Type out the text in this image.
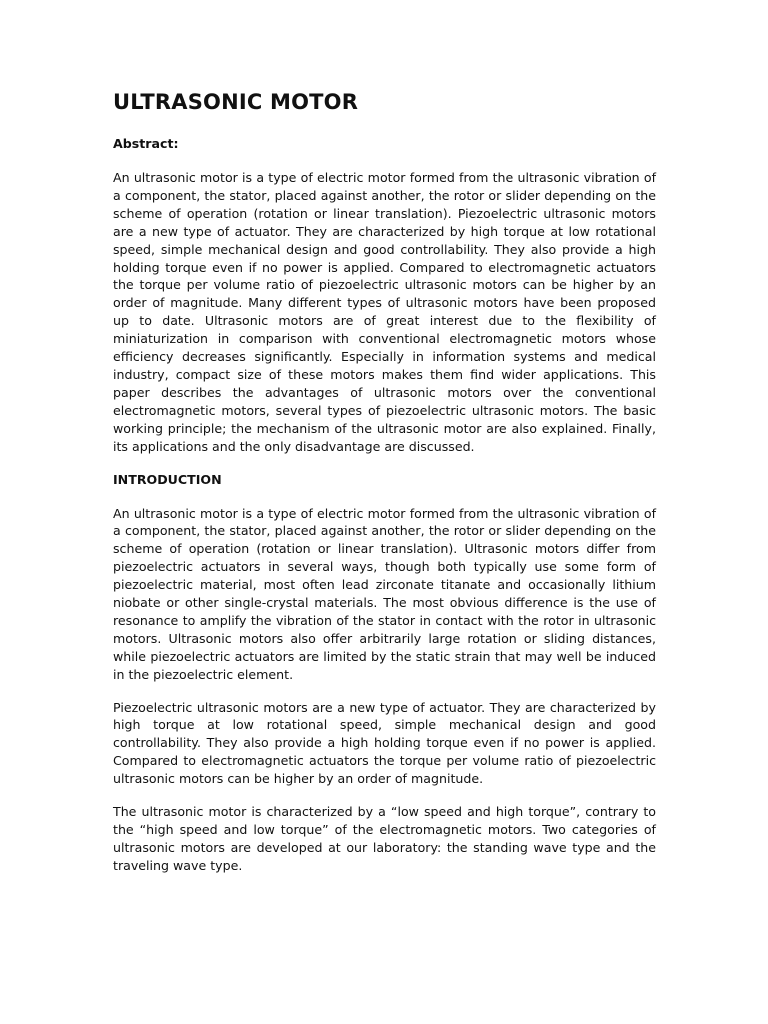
ULTRASONIC MOTOR
Abstract:

An ultrasonic motor is a type of electric motor formed from the ultrasonic vibration of a component, the stator, placed against another, the rotor or slider depending on the scheme of operation (rotation or linear translation). Piezoelectric ultrasonic motors are a new type of actuator. They are characterized by high torque at low rotational speed, simple mechanical design and good controllability. They also provide a high holding torque even if no power is applied. Compared to electromagnetic actuators the torque per volume ratio of piezoelectric ultrasonic motors can be higher by an order of magnitude. Many different types of ultrasonic motors have been proposed up to date. Ultrasonic motors are of great interest due to the flexibility of miniaturization in comparison with conventional electromagnetic motors whose efficiency decreases significantly. Especially in information systems and medical industry, compact size of these motors makes them find wider applications. This paper describes the advantages of ultrasonic motors over the conventional electromagnetic motors, several types of piezoelectric ultrasonic motors. The basic working principle; the mechanism of the ultrasonic motor are also explained. Finally, its applications and the only disadvantage are discussed.

INTRODUCTION

An ultrasonic motor is a type of electric motor formed from the ultrasonic vibration of a component, the stator, placed against another, the rotor or slider depending on the scheme of operation (rotation or linear translation). Ultrasonic motors differ from piezoelectric actuators in several ways, though both typically use some form of piezoelectric material, most often lead zirconate titanate and occasionally lithium niobate or other single-crystal materials. The most obvious difference is the use of resonance to amplify the vibration of the stator in contact with the rotor in ultrasonic motors. Ultrasonic motors also offer arbitrarily large rotation or sliding distances, while piezoelectric actuators are limited by the static strain that may well be induced in the piezoelectric element.

Piezoelectric ultrasonic motors are a new type of actuator. They are characterized by high torque at low rotational speed, simple mechanical design and good controllability. They also provide a high holding torque even if no power is applied. Compared to electromagnetic actuators the torque per volume ratio of piezoelectric ultrasonic motors can be higher by an order of magnitude.

The ultrasonic motor is characterized by a “low speed and high torque”, contrary to the “high speed and low torque” of the electromagnetic motors. Two categories of ultrasonic motors are developed at our laboratory: the standing wave type and the traveling wave type.
